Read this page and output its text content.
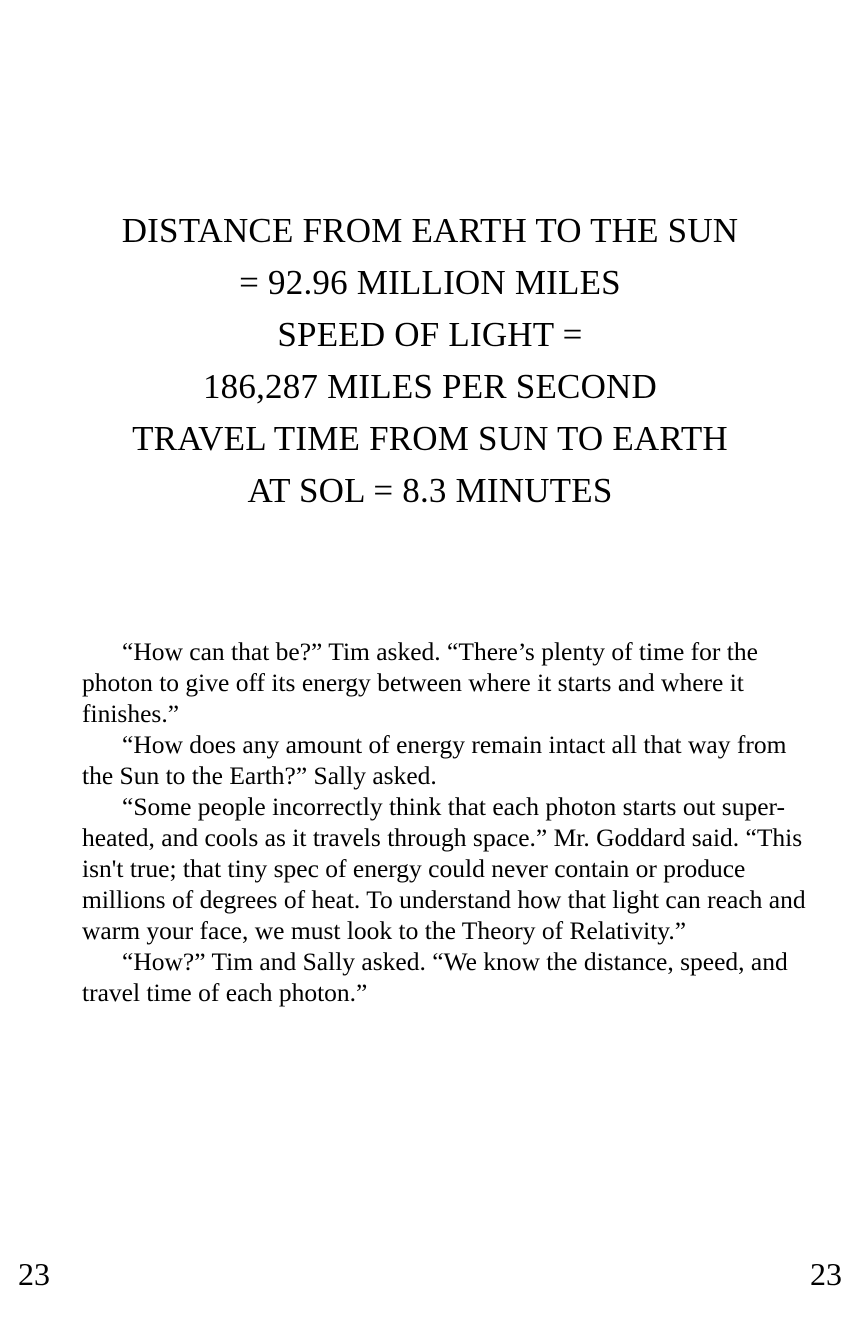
DISTANCE FROM EARTH TO THE SUN
= 92.96 MILLION MILES
SPEED OF LIGHT =
186,287 MILES PER SECOND
TRAVEL TIME FROM SUN TO EARTH
AT SOL = 8.3 MINUTES

“How can that be?” Tim asked. “There’s plenty of time for the photon to give off its energy between where it starts and where it finishes.”

“How does any amount of energy remain intact all that way from the Sun to the Earth?” Sally asked.

“Some people incorrectly think that each photon starts out super-heated, and cools as it travels through space.” Mr. Goddard said. “This isn't true; that tiny spec of energy could never contain or produce millions of degrees of heat. To understand how that light can reach and warm your face, we must look to the Theory of Relativity.”

“How?” Tim and Sally asked. “We know the distance, speed, and travel time of each photon.”

23	23
